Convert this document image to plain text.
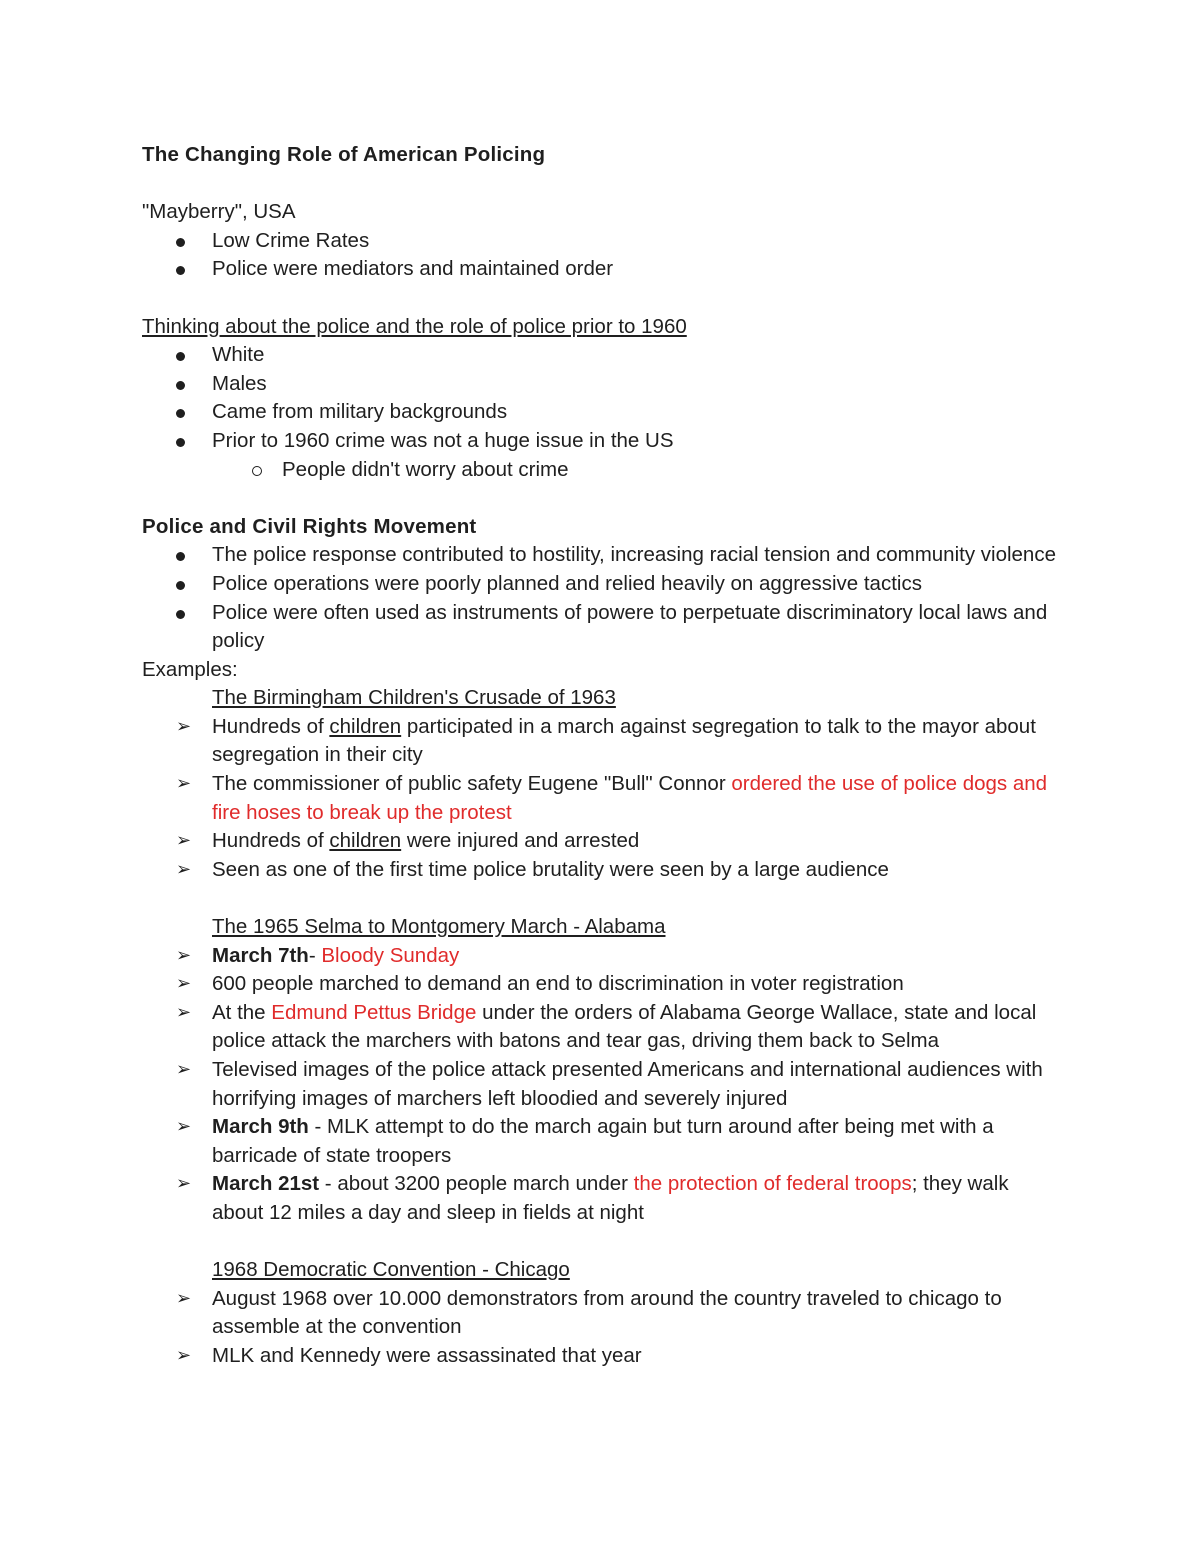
The Changing Role of American Policing
"Mayberry", USA
Low Crime Rates
Police were mediators and maintained order
Thinking about the police and the role of police prior to 1960
White
Males
Came from military backgrounds
Prior to 1960 crime was not a huge issue in the US
People didn't worry about crime
Police and Civil Rights Movement
The police response contributed to hostility, increasing racial tension and community violence
Police operations were poorly planned and relied heavily on aggressive tactics
Police were often used as instruments of powere to perpetuate discriminatory local laws and policy
Examples:
The Birmingham Children's Crusade of 1963
➢ Hundreds of children participated in a march against segregation to talk to the mayor about segregation in their city
➢ The commissioner of public safety Eugene "Bull" Connor ordered the use of police dogs and fire hoses to break up the protest
➢ Hundreds of children were injured and arrested
➢ Seen as one of the first time police brutality were seen by a large audience
The 1965 Selma to Montgomery March - Alabama
➢ March 7th- Bloody Sunday
➢ 600 people marched to demand an end to discrimination in voter registration
➢ At the Edmund Pettus Bridge under the orders of Alabama George Wallace, state and local police attack the marchers with batons and tear gas, driving them back to Selma
➢ Televised images of the police attack presented Americans and international audiences with horrifying images of marchers left bloodied and severely injured
➢ March 9th - MLK attempt to do the march again but turn around after being met with a barricade of state troopers
➢ March 21st - about 3200 people march under the protection of federal troops; they walk about 12 miles a day and sleep in fields at night
1968 Democratic Convention - Chicago
➢ August 1968 over 10.000 demonstrators from around the country traveled to chicago to assemble at the convention
➢ MLK and Kennedy were assassinated that year
